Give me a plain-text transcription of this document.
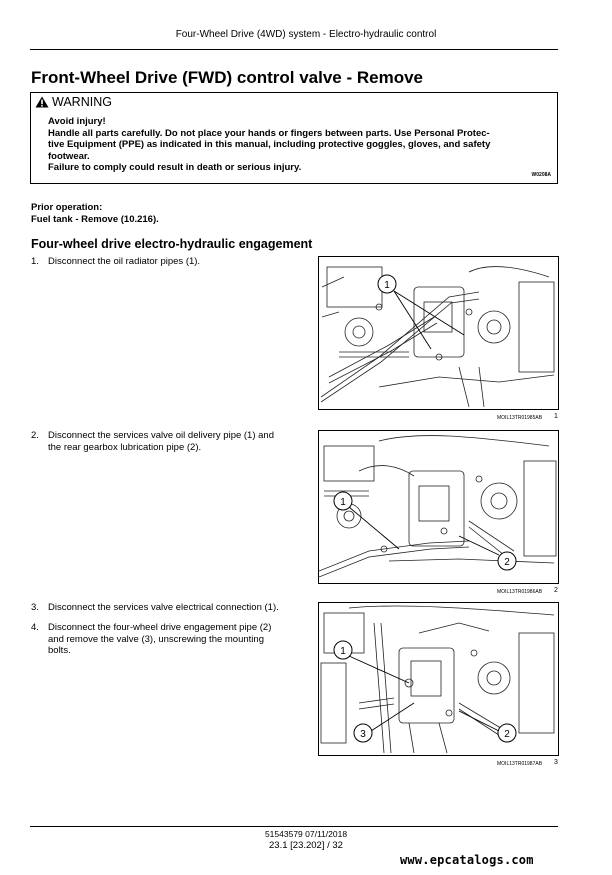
Four-Wheel Drive (4WD) system - Electro-hydraulic control
Front-Wheel Drive (FWD) control valve - Remove
WARNING
Avoid injury!
Handle all parts carefully. Do not place your hands or fingers between parts. Use Personal Protec-
tive Equipment (PPE) as indicated in this manual, including protective goggles, gloves, and safety
footwear.
Failure to comply could result in death or serious injury.
W0208A
Prior operation:
Fuel tank - Remove (10.216).
Four-wheel drive electro-hydraulic engagement
1. Disconnect the oil radiator pipes (1).
2. Disconnect the services valve oil delivery pipe (1) and
the rear gearbox lubrication pipe (2).
3. Disconnect the services valve electrical connection (1).
4. Disconnect the four-wheel drive engagement pipe (2)
and remove the valve (3), unscrewing the mounting
bolts.
1
MOIL13TR01985AB 1
1
2
MOIL13TR01986AB 2
1
3	2
MOIL13TR01987AB 3
51543579 07/11/2018
23.1 [23.202] / 32
www.epcatalogs.com
